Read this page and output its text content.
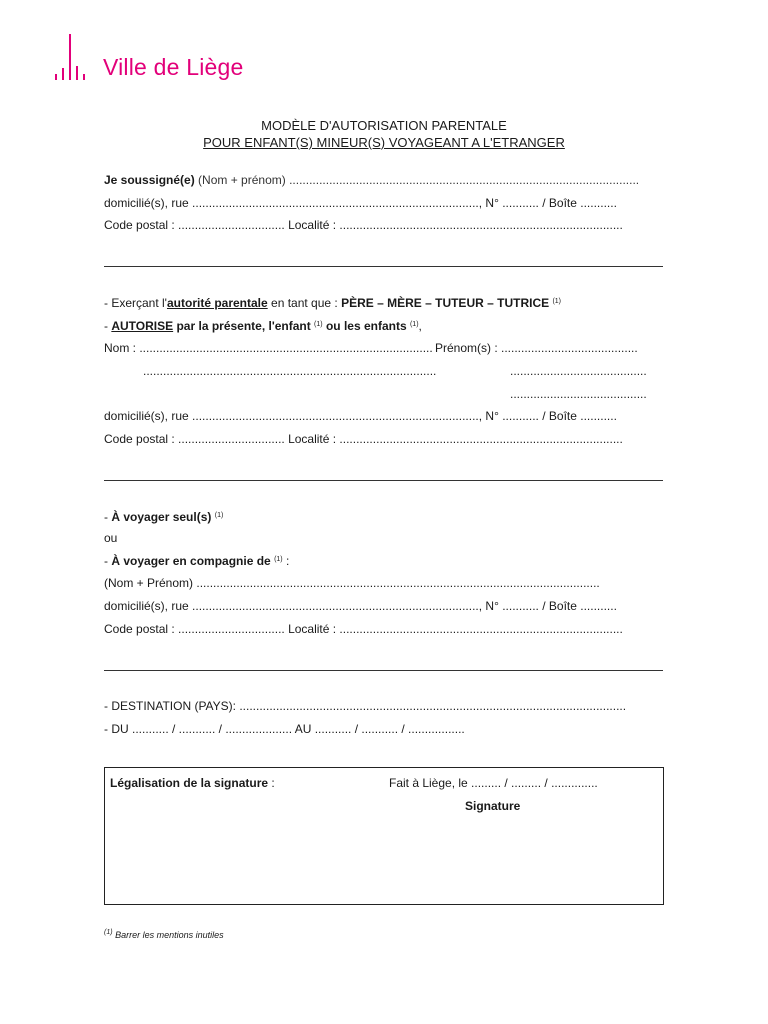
Ville de Liège
MODÈLE D'AUTORISATION PARENTALE
POUR ENFANT(S) MINEUR(S) VOYAGEANT A L'ETRANGER
Je soussigné(e) (Nom + prénom) .........................................................................................................
domicilié(s), rue ......................................................................................, N° ........... / Boîte ...........
Code postal : ................................ Localité : .....................................................................................
- Exerçant l'autorité parentale en tant que : PÈRE – MÈRE – TUTEUR – TUTRICE $^{(1)}$
- AUTORISE par la présente, l'enfant $^{(1)}$ ou les enfants $^{(1)}$,
Nom : ........................................................................................ Prénom(s) : .........................................
........................................................................................	.........................................
.........................................
domicilié(s), rue ......................................................................................, N° ........... / Boîte ...........
Code postal : ................................ Localité : .....................................................................................
- À voyager seul(s) $^{(1)}$
ou
- À voyager en compagnie de $^{(1)}$ :
(Nom + Prénom) .........................................................................................................................
domicilié(s), rue ......................................................................................, N° ........... / Boîte ...........
Code postal : ................................ Localité : .....................................................................................
- DESTINATION (PAYS): ....................................................................................................................
- DU ........... / ........... / .................... AU ........... / ........... / .................
Légalisation de la signature :	Fait à Liège, le ......... / ......... / ..............
Signature
$^{(1)}$ Barrer les mentions inutiles
